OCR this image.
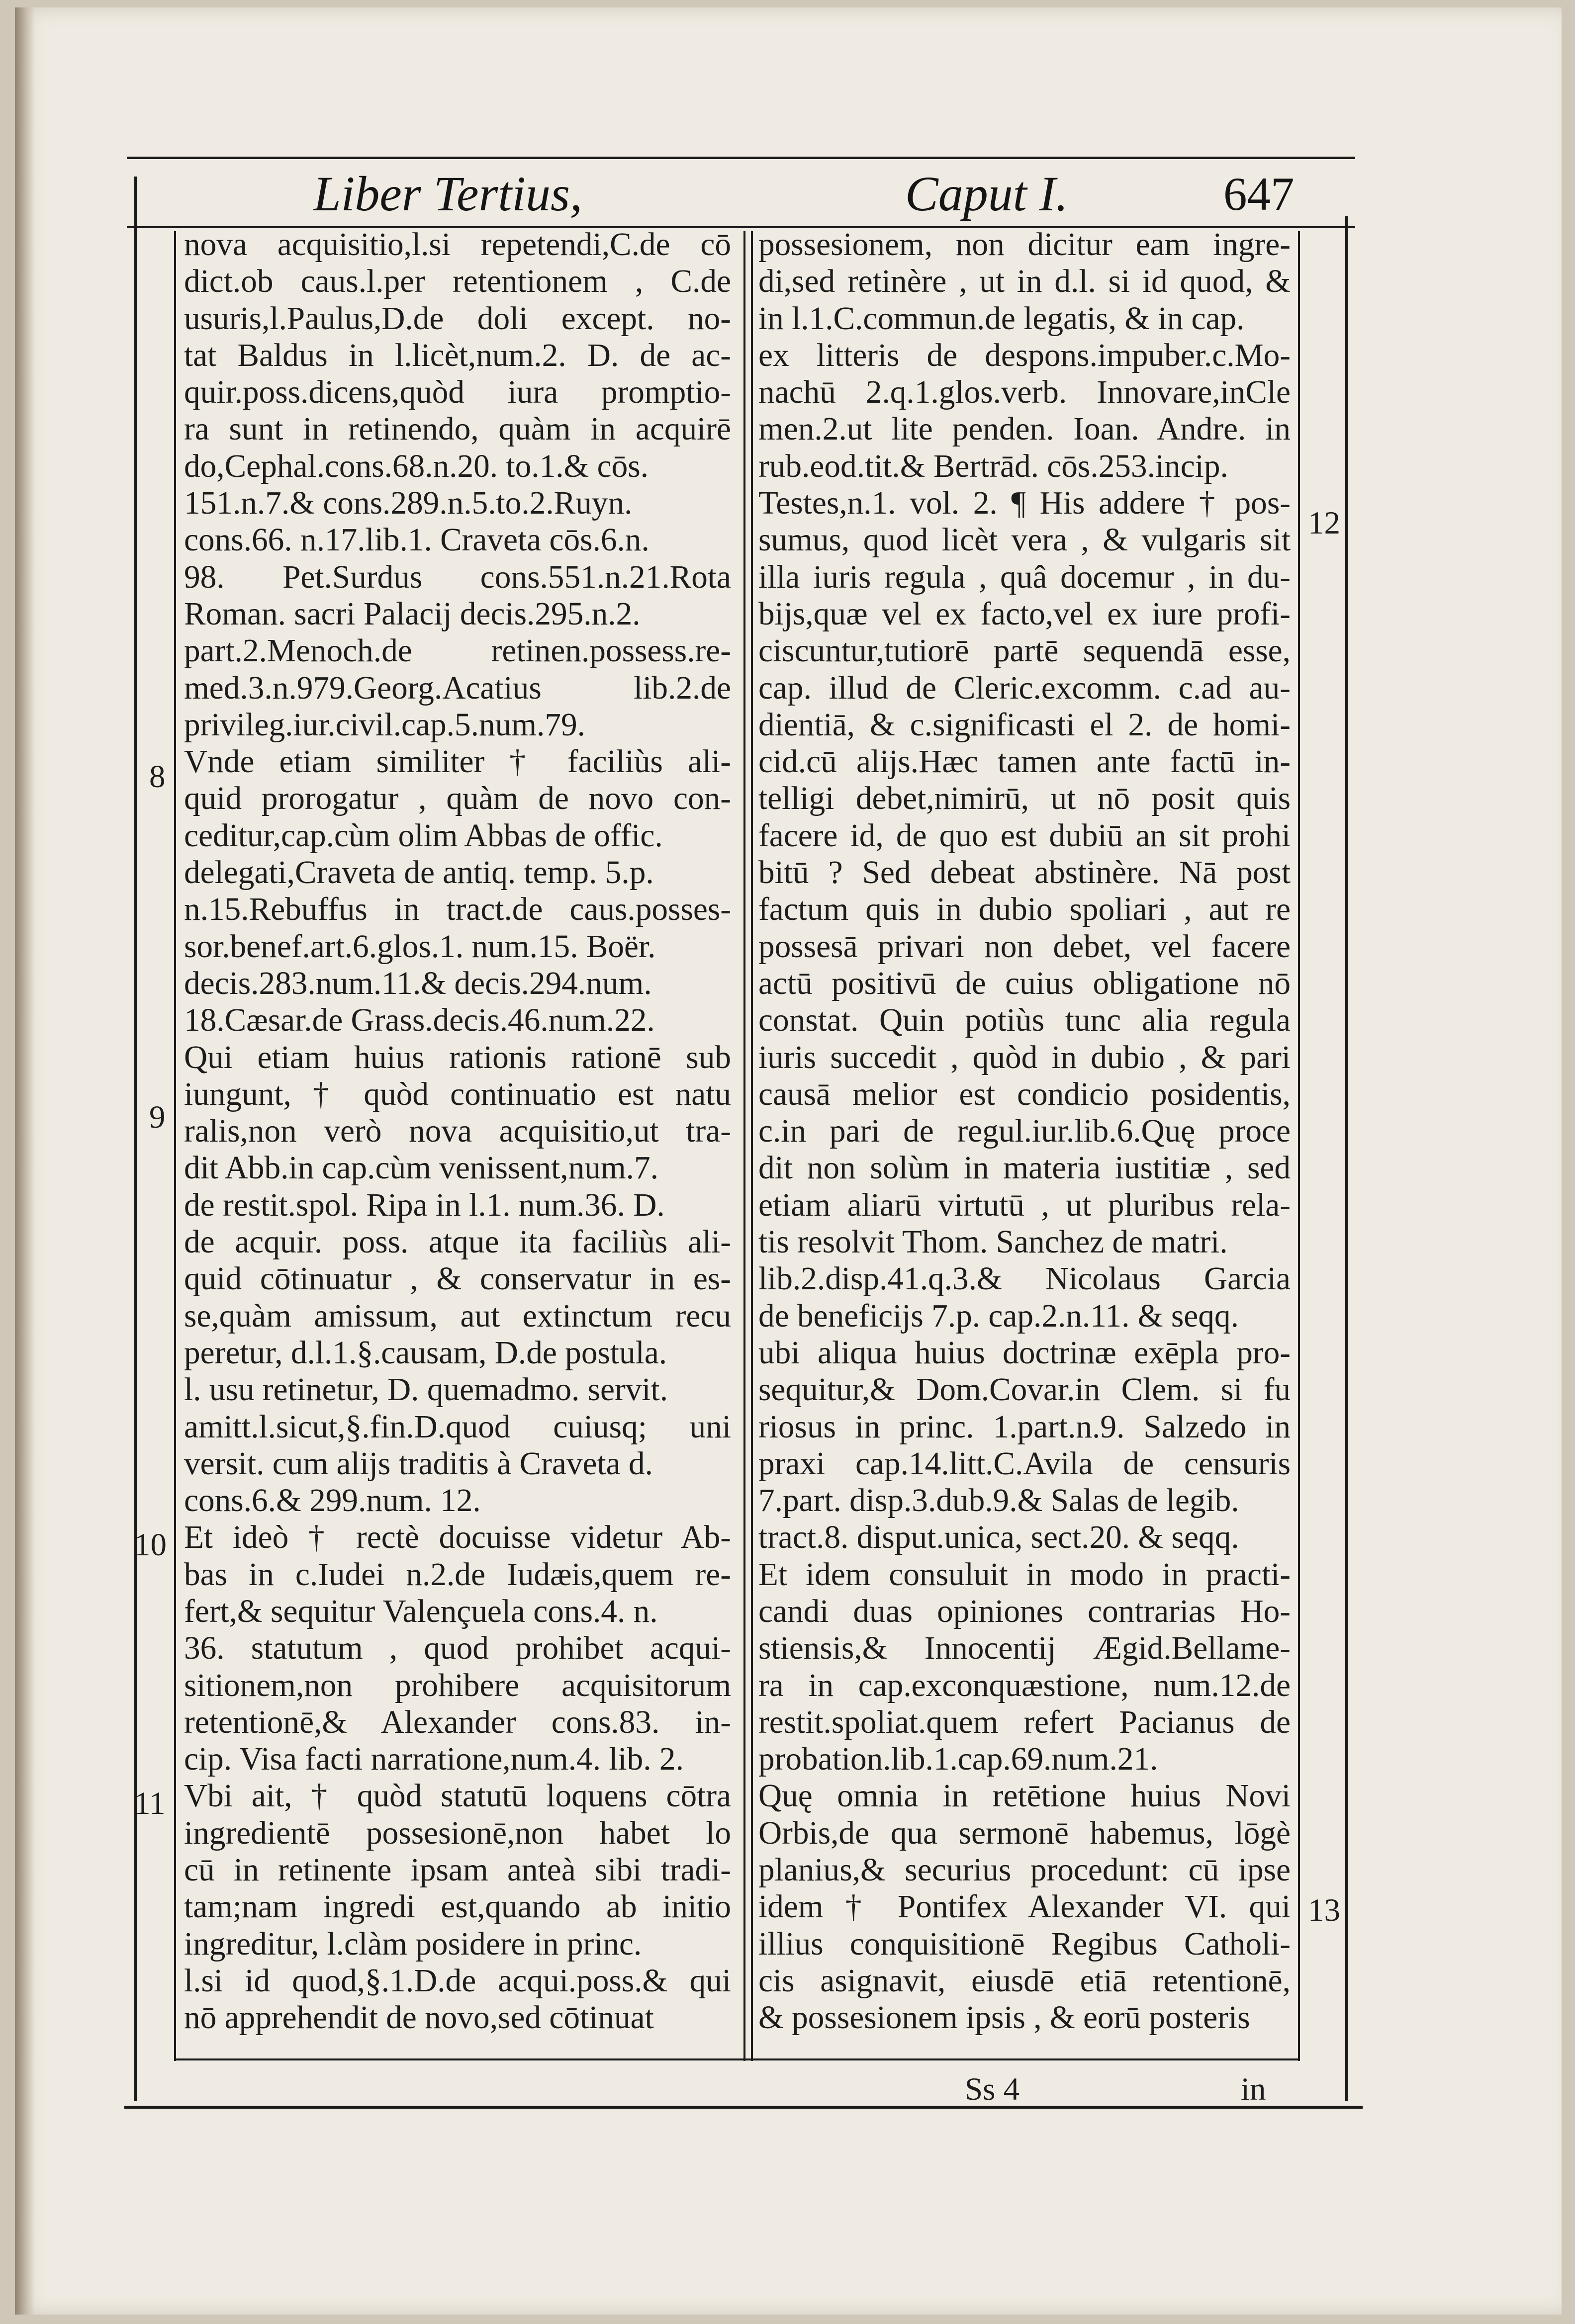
Liber Tertius,	Caput I.	647
nova acquisitio,l.si repetendi,C.de cō
dict.ob caus.l.per retentionem , C.de
usuris,l.Paulus,D.de doli except. no-
tat Baldus in l.licèt,num.2. D. de ac-
quir.poss.dicens,quòd iura promptio-
ra sunt in retinendo, quàm in acquirē
do,Cephal.cons.68.n.20. to.1.& cōs.
151.n.7.& cons.289.n.5.to.2.Ruyn.
cons.66. n.17.lib.1. Craveta cōs.6.n.
98. Pet.Surdus cons.551.n.21.Rota
Roman. sacri Palacij decis.295.n.2.
part.2.Menoch.de retinen.possess.re-
med.3.n.979.Georg.Acatius lib.2.de
privileg.iur.civil.cap.5.num.79.
Vnde etiam similiter † faciliùs ali-
quid prorogatur , quàm de novo con-
ceditur,cap.cùm olim Abbas de offic.
delegati,Craveta de antiq. temp. 5.p.
n.15.Rebuffus in tract.de caus.posses-
sor.benef.art.6.glos.1. num.15. Boër.
decis.283.num.11.& decis.294.num.
18.Cæsar.de Grass.decis.46.num.22.
Qui etiam huius rationis rationē sub
iungunt, † quòd continuatio est natu
ralis,non verò nova acquisitio,ut tra-
dit Abb.in cap.cùm venissent,num.7.
de restit.spol. Ripa in l.1. num.36. D.
de acquir. poss. atque ita faciliùs ali-
quid cōtinuatur , & conservatur in es-
se,quàm amissum, aut extinctum recu
peretur, d.l.1.§.causam, D.de postula.
l. usu retinetur, D. quemadmo. servit.
amitt.l.sicut,§.fin.D.quod cuiusq; uni
versit. cum alijs traditis à Craveta d.
cons.6.& 299.num. 12.
Et ideò † rectè docuisse videtur Ab-
bas in c.Iudei n.2.de Iudæis,quem re-
fert,& sequitur Valençuela cons.4. n.
36. statutum , quod prohibet acqui-
sitionem,non prohibere acquisitorum
retentionē,& Alexander cons.83. in-
cip. Visa facti narratione,num.4. lib. 2.
Vbi ait, † quòd statutū loquens cōtra
ingredientē possesionē,non habet lo
cū in retinente ipsam anteà sibi tradi-
tam;nam ingredi est,quando ab initio
ingreditur, l.clàm posidere in princ.
l.si id quod,§.1.D.de acqui.poss.& qui
nō apprehendit de novo,sed cōtinuat
possesionem, non dicitur eam ingre-
di,sed retinère , ut in d.l. si id quod, &
in l.1.C.commun.de legatis, & in cap.
ex litteris de despons.impuber.c.Mo-
nachū 2.q.1.glos.verb. Innovare,inCle
men.2.ut lite penden. Ioan. Andre. in
rub.eod.tit.& Bertrād. cōs.253.incip.
Testes,n.1. vol. 2. ¶ His addere † pos-
sumus, quod licèt vera , & vulgaris sit
illa iuris regula , quâ docemur , in du-
bijs,quæ vel ex facto,vel ex iure profi-
ciscuntur,tutiorē partē sequendā esse,
cap. illud de Cleric.excomm. c.ad au-
dientiā, & c.significasti el 2. de homi-
cid.cū alijs.Hæc tamen ante factū in-
telligi debet,nimirū, ut nō posit quis
facere id, de quo est dubiū an sit prohi
bitū ? Sed debeat abstinère. Nā post
factum quis in dubio spoliari , aut re
possesā privari non debet, vel facere
actū positivū de cuius obligatione nō
constat. Quin potiùs tunc alia regula
iuris succedit , quòd in dubio , & pari
causā melior est condicio posidentis,
c.in pari de regul.iur.lib.6.Quę proce
dit non solùm in materia iustitiæ , sed
etiam aliarū virtutū , ut pluribus rela-
tis resolvit Thom. Sanchez de matri.
lib.2.disp.41.q.3.& Nicolaus Garcia
de beneficijs 7.p. cap.2.n.11. & seqq.
ubi aliqua huius doctrinæ exēpla pro-
sequitur,& Dom.Covar.in Clem. si fu
riosus in princ. 1.part.n.9. Salzedo in
praxi cap.14.litt.C.Avila de censuris
7.part. disp.3.dub.9.& Salas de legib.
tract.8. disput.unica, sect.20. & seqq.
Et idem consuluit in modo in practi-
candi duas opiniones contrarias Ho-
stiensis,& Innocentij Ægid.Bellame-
ra in cap.exconquæstione, num.12.de
restit.spoliat.quem refert Pacianus de
probation.lib.1.cap.69.num.21.
Quę omnia in retētione huius Novi
Orbis,de qua sermonē habemus, lōgè
planius,& securius procedunt: cū ipse
idem † Pontifex Alexander VI. qui
illius conquisitionē Regibus Catholi-
cis asignavit, eiusdē etiā retentionē,
& possesionem ipsis , & eorū posteris
8
9
10
11
12
13
Ss 4	in
